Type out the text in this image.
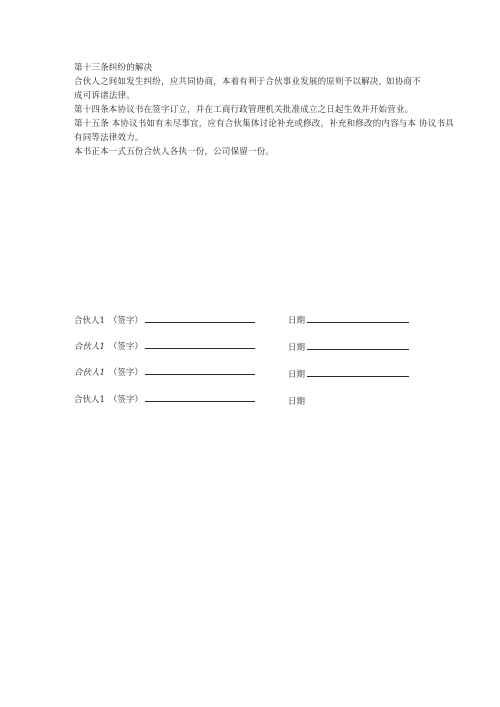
第十三条纠纷的解决
合伙人之间如发生纠纷，应共同协商，本着有利于合伙事业发展的原则予以解决，
如协商不
成可诉诸法律。
第十四条本协议书在签字订立，并在工商行政管理机关批准成立之日起生效并开始营业。
第十五条 本协议书如有未尽事宜，应有合伙集体讨论补充或修改，补充和修改的内容与本 协议书具
有同等法律效力。
本书正本一式五份合伙人各执一份，公司保留一份。
合伙人1 （签字）	日期
合伙人1 （签字）	日期
合伙人1 （签字）	日期
合伙人1 （签字）	日期
